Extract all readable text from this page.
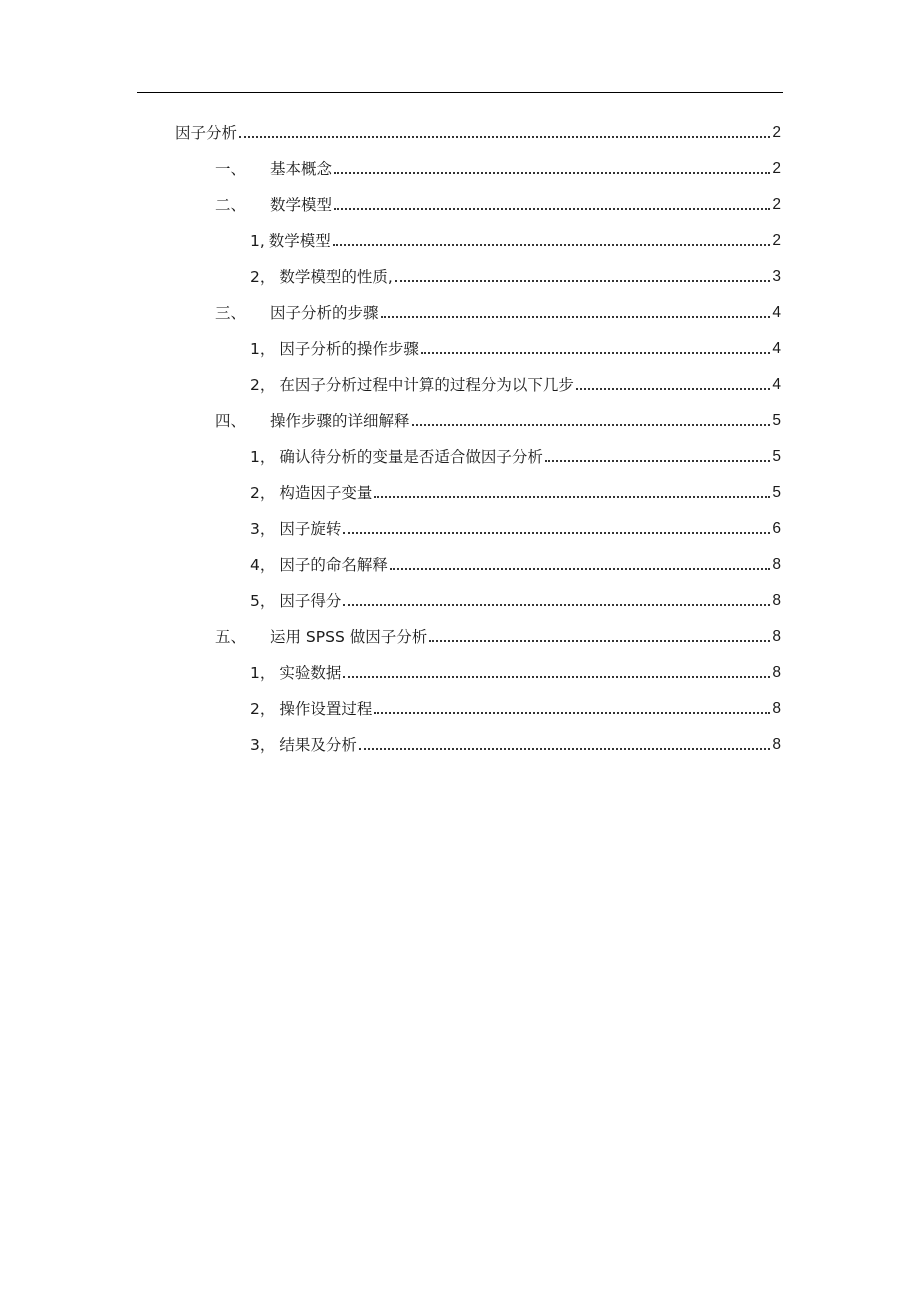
因子分析	2
一、	基本概念	2
二、	数学模型	2
1, 数学模型	2
2， 数学模型的性质,	3
三、	因子分析的步骤	4
1， 因子分析的操作步骤	4
2， 在因子分析过程中计算的过程分为以下几步	4
四、	操作步骤的详细解释	5
1， 确认待分析的变量是否适合做因子分析	5
2， 构造因子变量	5
3， 因子旋转	6
4， 因子的命名解释	8
5， 因子得分	8
五、	运用 SPSS 做因子分析	8
1， 实验数据	8
2， 操作设置过程	8
3， 结果及分析	8
